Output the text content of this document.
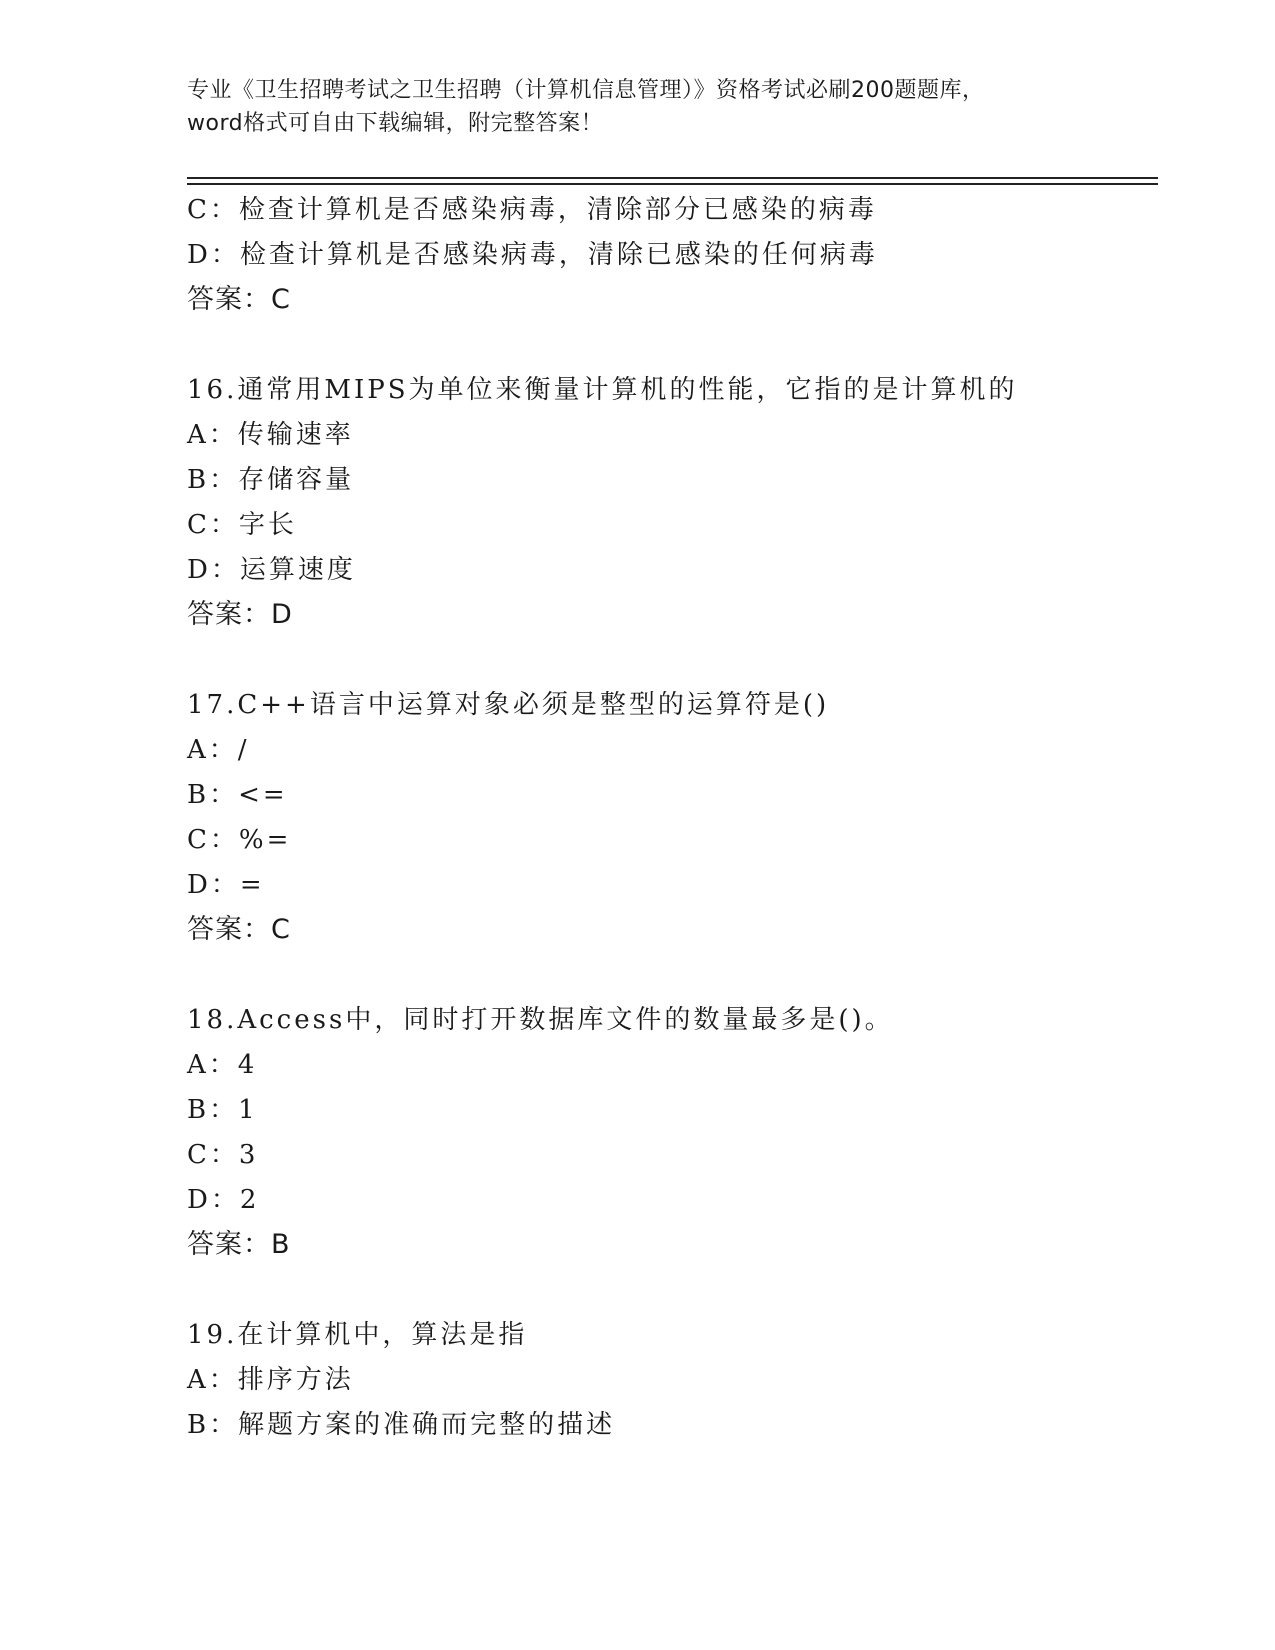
专业《卫生招聘考试之卫生招聘（计算机信息管理）》资格考试必刷200题题库，
word格式可自由下载编辑，附完整答案！
C：检查计算机是否感染病毒，清除部分已感染的病毒
D：检查计算机是否感染病毒，清除已感染的任何病毒
答案：C
16.通常用MIPS为单位来衡量计算机的性能，它指的是计算机的
A：传输速率
B：存储容量
C：字长
D：运算速度
答案：D
17.C++语言中运算对象必须是整型的运算符是()
A：/
B：<=
C：%=
D：=
答案：C
18.Access中，同时打开数据库文件的数量最多是()。
A：4
B：1
C：3
D：2
答案：B
19.在计算机中，算法是指
A：排序方法
B：解题方案的准确而完整的描述
